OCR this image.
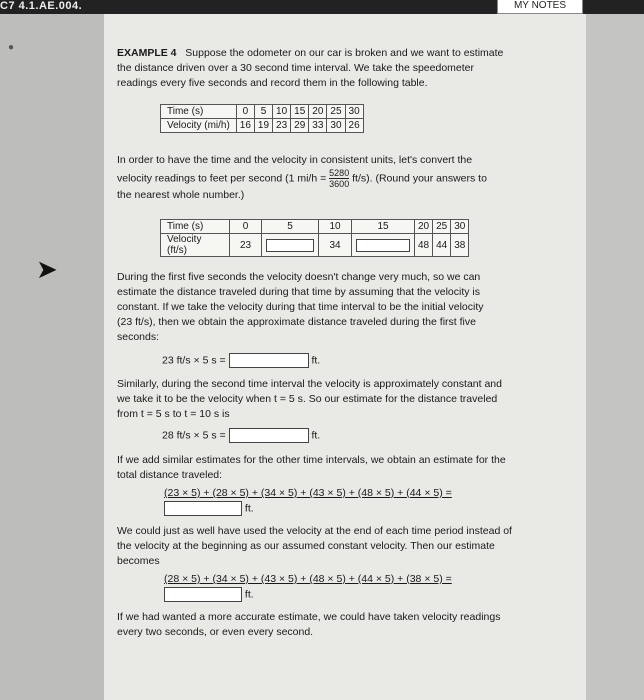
C7 4.1.AE.004.	MY NOTES
●
➤
EXAMPLE 4 Suppose the odometer on our car is broken and we want to estimate
the distance driven over a 30 second time interval. We take the speedometer
readings every five seconds and record them in the following table.
Time (s)	0	5	10	15	20	25	30
Velocity (mi/h)	16	19	23	29	33	30	26
In order to have the time and the velocity in consistent units, let's convert the
velocity readings to feet per second (1 $mi/h = \frac{5280}{3600} ft/s$). (Round your answers to
the nearest whole number.)
Time (s)	0	5	10	15	20	25	30
Velocity (ft/s)	23		34		48	44	38
During the first five seconds the velocity doesn't change very much, so we can
estimate the distance traveled during that time by assuming that the velocity is
constant. If we take the velocity during that time interval to be the initial velocity
(23 ft/s), then we obtain the approximate distance traveled during the first five
seconds:
23 ft/s × 5 s =	ft.
Similarly, during the second time interval the velocity is approximately constant and
we take it to be the velocity when t = 5 s. So our estimate for the distance traveled
from t = 5 s to t = 10 s is
28 ft/s × 5 s =	ft.
If we add similar estimates for the other time intervals, we obtain an estimate for the
total distance traveled:
(23 × 5) + (28 × 5) + (34 × 5) + (43 × 5) + (48 × 5) + (44 × 5) =
ft.
We could just as well have used the velocity at the end of each time period instead of
the velocity at the beginning as our assumed constant velocity. Then our estimate
becomes
(28 × 5) + (34 × 5) + (43 × 5) + (48 × 5) + (44 × 5) + (38 × 5) =
ft.
If we had wanted a more accurate estimate, we could have taken velocity readings
every two seconds, or even every second.
